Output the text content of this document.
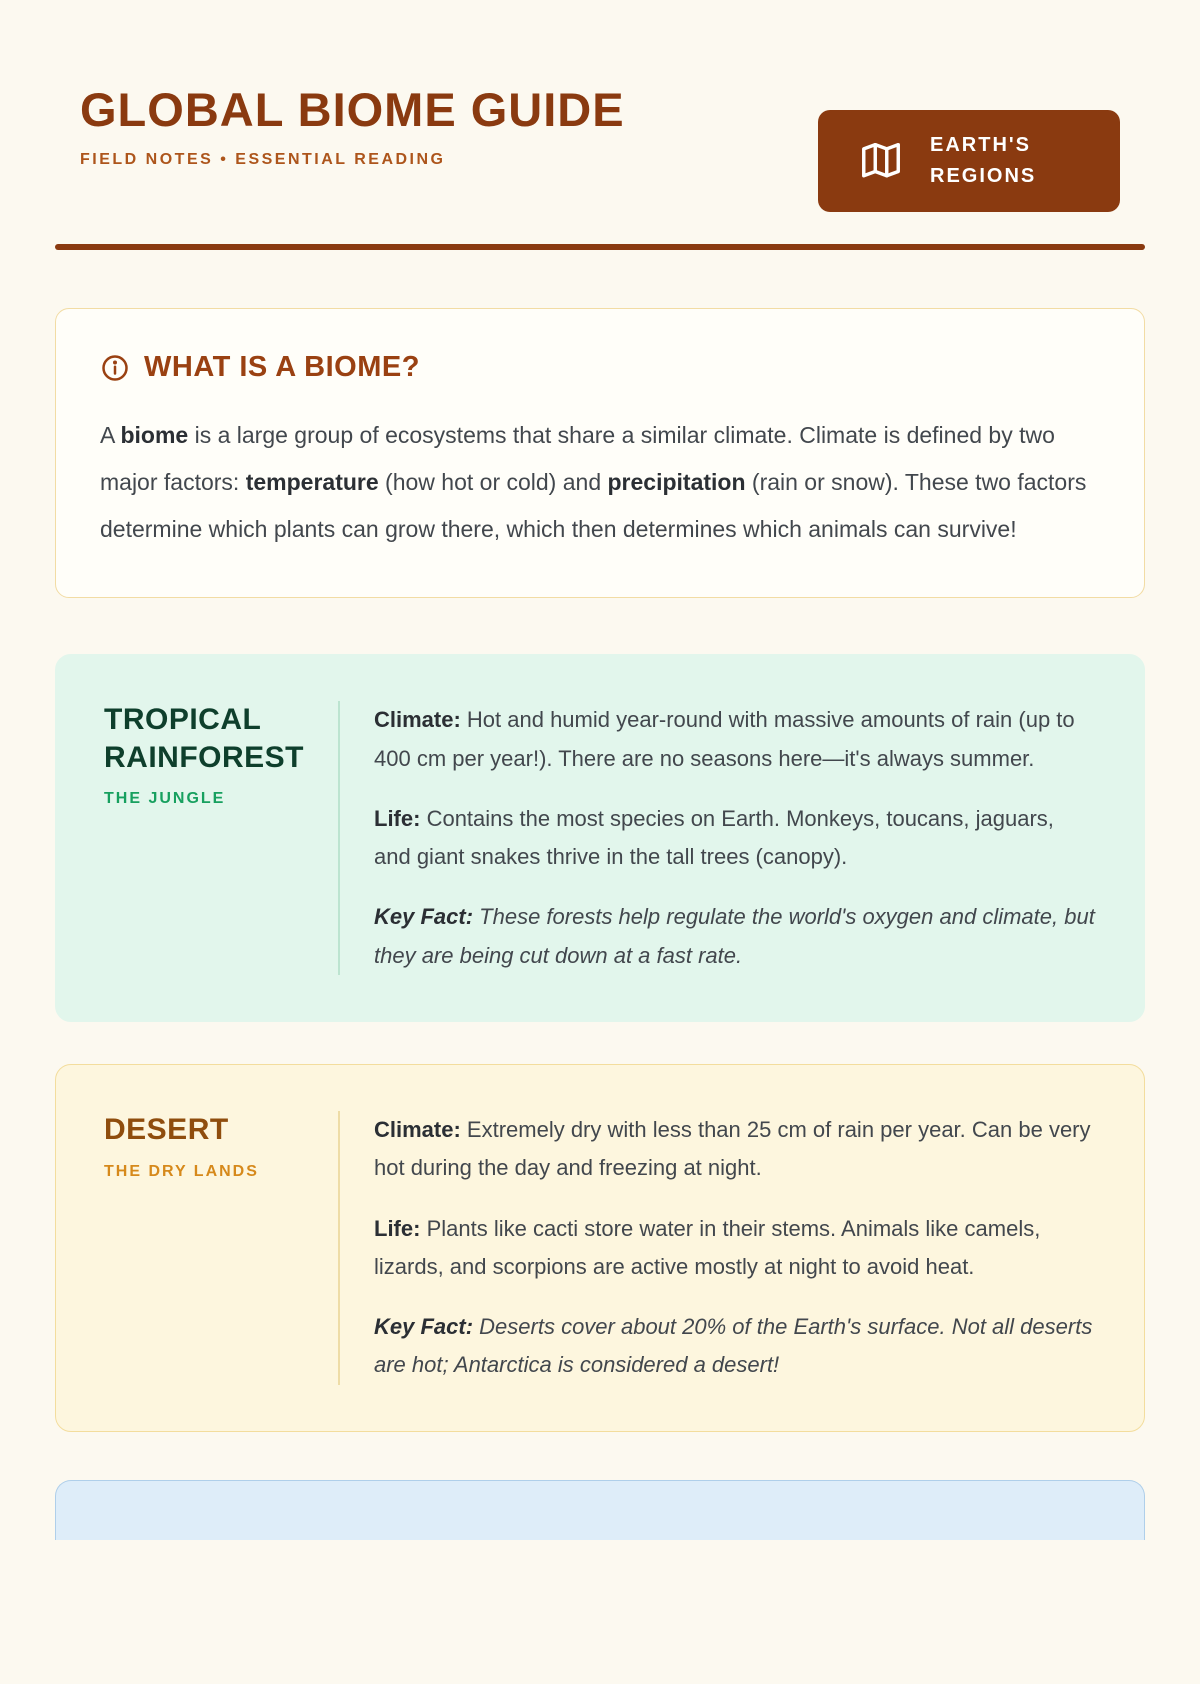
GLOBAL BIOME GUIDE
FIELD NOTES • ESSENTIAL READING
EARTH'S REGIONS
WHAT IS A BIOME?

A biome is a large group of ecosystems that share a similar climate. Climate is defined by two major factors: temperature (how hot or cold) and precipitation (rain or snow). These two factors determine which plants can grow there, which then determines which animals can survive!

TROPICAL RAINFOREST
THE JUNGLE

Climate: Hot and humid year-round with massive amounts of rain (up to 400 cm per year!). There are no seasons here—it's always summer.

Life: Contains the most species on Earth. Monkeys, toucans, jaguars, and giant snakes thrive in the tall trees (canopy).

Key Fact: These forests help regulate the world's oxygen and climate, but they are being cut down at a fast rate.

DESERT
THE DRY LANDS

Climate: Extremely dry with less than 25 cm of rain per year. Can be very hot during the day and freezing at night.

Life: Plants like cacti store water in their stems. Animals like camels, lizards, and scorpions are active mostly at night to avoid heat.

Key Fact: Deserts cover about 20% of the Earth's surface. Not all deserts are hot; Antarctica is considered a desert!
